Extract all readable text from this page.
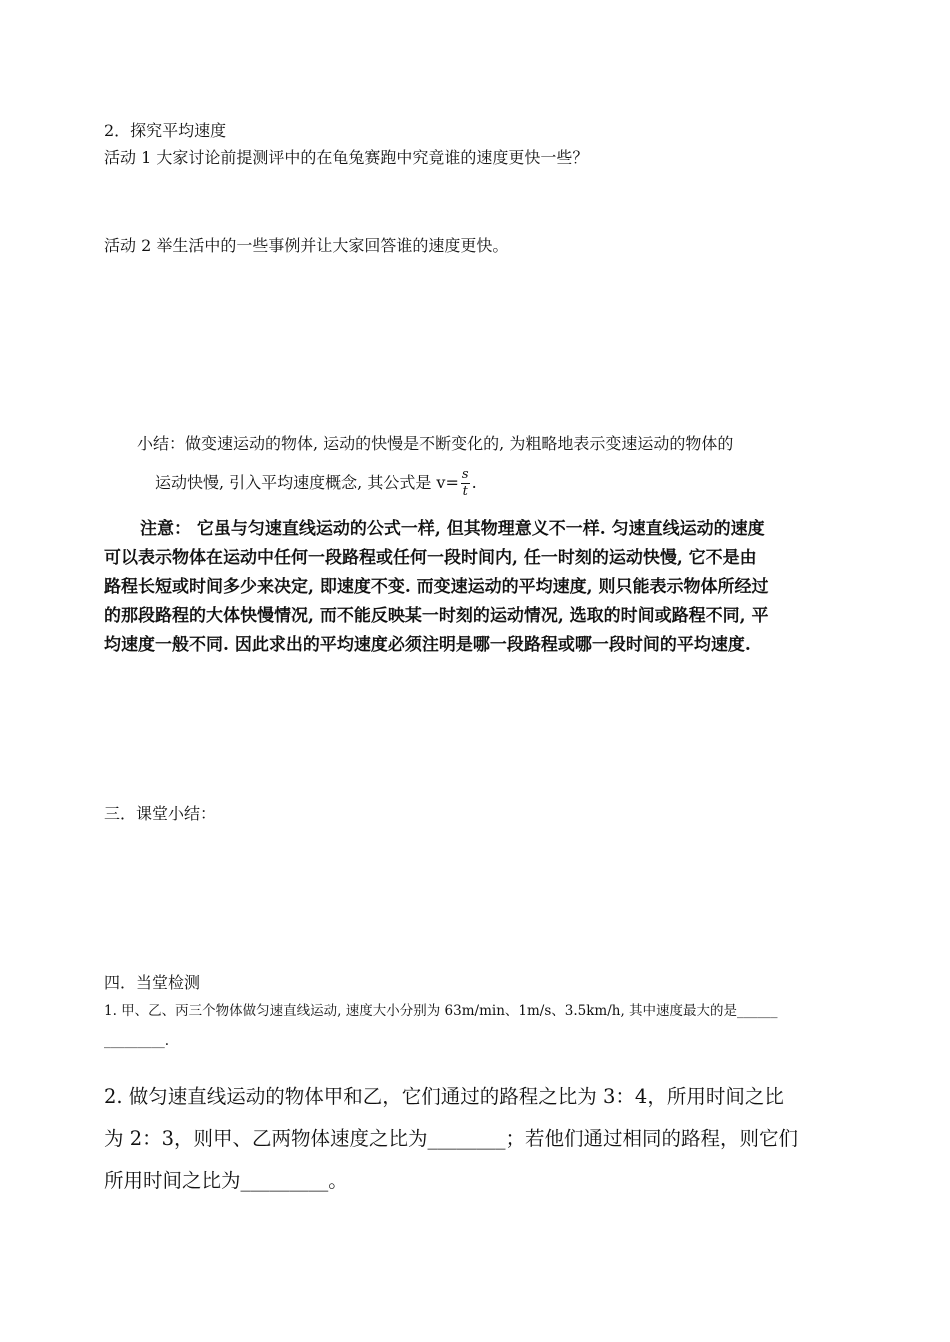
2．探究平均速度
活动 1 大家讨论前提测评中的在龟兔赛跑中究竟谁的速度更快一些？
活动 2 举生活中的一些事例并让大家回答谁的速度更快。
小结：做变速运动的物体, 运动的快慢是不断变化的, 为粗略地表示变速运动的物体的
运动快慢, 引入平均速度概念, 其公式是 $v= \frac{s}{t}$ .
注意： 它虽与匀速直线运动的公式一样, 但其物理意义不一样. 匀速直线运动的速度
可以表示物体在运动中任何一段路程或任何一段时间内, 任一时刻的运动快慢, 它不是由
路程长短或时间多少来决定, 即速度不变. 而变速运动的平均速度, 则只能表示物体所经过
的那段路程的大体快慢情况, 而不能反映某一时刻的运动情况, 选取的时间或路程不同, 平
均速度一般不同. 因此求出的平均速度必须注明是哪一段路程或哪一段时间的平均速度.
三．课堂小结：
四．当堂检测
1. 甲、乙、丙三个物体做匀速直线运动, 速度大小分别为 63m/min、1m/s、3.5km/h, 其中速度最大的是______
_________.
2. 做匀速直线运动的物体甲和乙，它们通过的路程之比为 3：4，所用时间之比
为 2：3，则甲、乙两物体速度之比为________；若他们通过相同的路程，则它们
所用时间之比为_________。
